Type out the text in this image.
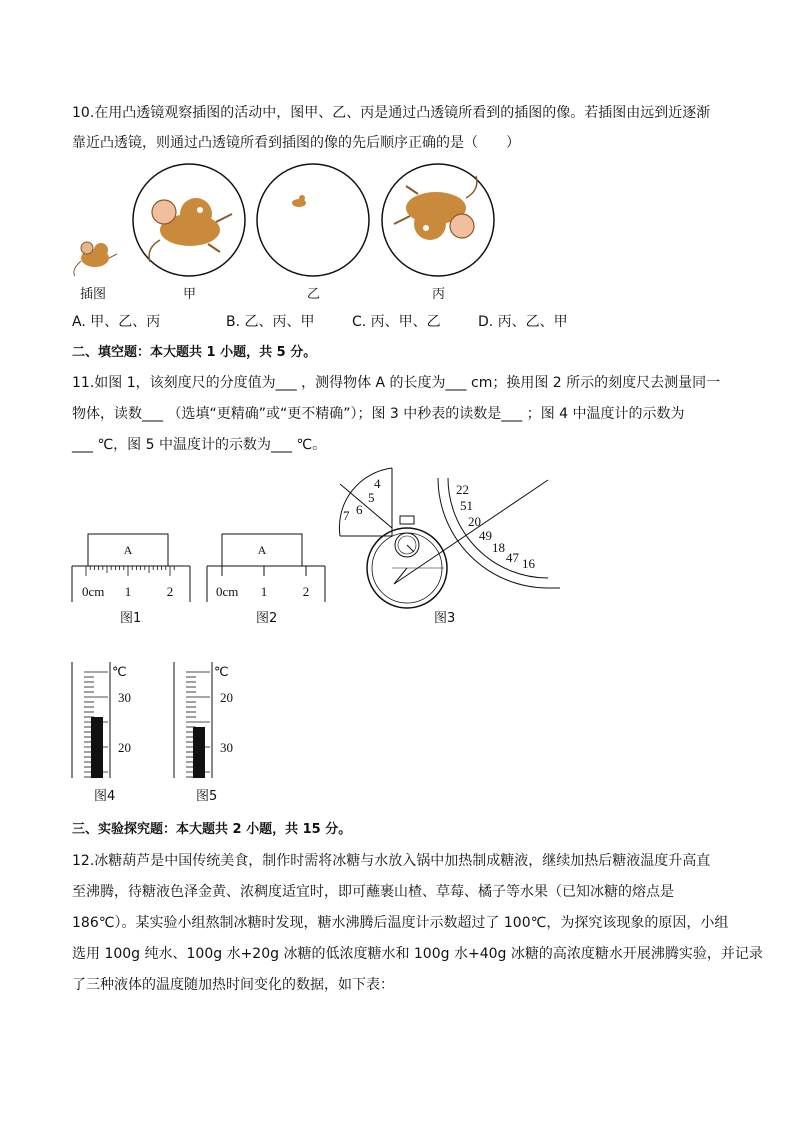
10.在用凸透镜观察插图的活动中，图甲、乙、丙是通过凸透镜所看到的插图的像。若插图由远到近逐渐
靠近凸透镜，则通过凸透镜所看到插图的像的先后顺序正确的是（　　）
插图	甲	乙	丙
A. 甲、乙、丙	B. 乙、丙、甲	C. 丙、甲、乙	D. 丙、乙、甲
二、填空题：本大题共 1 小题，共 5 分。
11.如图 1，该刻度尺的分度值为___ ，测得物体 A 的长度为___ cm；换用图 2 所示的刻度尺去测量同一
物体，读数___ （选填“更精确”或“更不精确”）；图 3 中秒表的读数是___ ；图 4 中温度计的示数为
___ ℃，图 5 中温度计的示数为___ ℃。
A
0cm 1	2
图1
A
0cm 1	2
图2
4
5
6
7
22
51
20
49
18
47 16
图3
℃
30
20
图4
℃
20
30
图5
三、实验探究题：本大题共 2 小题，共 15 分。
12.冰糖葫芦是中国传统美食，制作时需将冰糖与水放入锅中加热制成糖液，继续加热后糖液温度升高直
至沸腾，待糖液色泽金黄、浓稠度适宜时，即可蘸裹山楂、草莓、橘子等水果（已知冰糖的熔点是
186℃）。某实验小组熬制冰糖时发现，糖水沸腾后温度计示数超过了 100℃，为探究该现象的原因，小组
选用 100g 纯水、100g 水+20g 冰糖的低浓度糖水和 100g 水+40g 冰糖的高浓度糖水开展沸腾实验，并记录
了三种液体的温度随加热时间变化的数据，如下表：
